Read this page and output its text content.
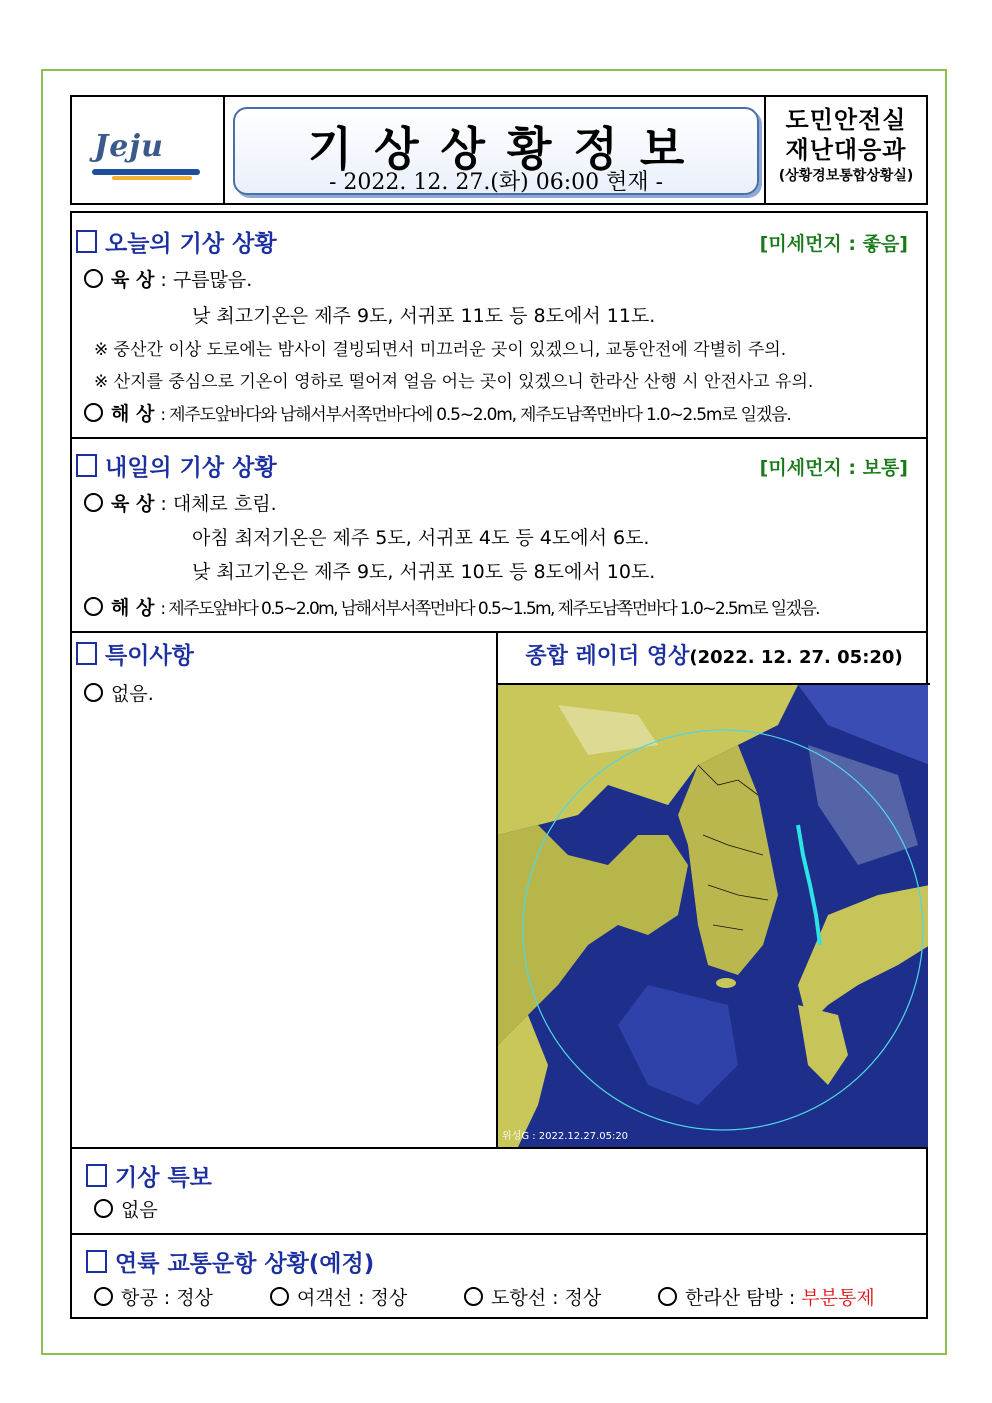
Jeju	기상상황정보
- 2022. 12. 27.(화) 06:00 현재 -
도민안전실
재난대응과
(상황경보통합상황실)
오늘의 기상 상황	[미세먼지 : 좋음]
육 상 : 구름많음.
낮 최고기온은 제주 9도, 서귀포 11도 등 8도에서 11도.
※ 중산간 이상 도로에는 밤사이 결빙되면서 미끄러운 곳이 있겠으니, 교통안전에 각별히 주의.
※ 산지를 중심으로 기온이 영하로 떨어져 얼음 어는 곳이 있겠으니 한라산 산행 시 안전사고 유의.
해 상 : 제주도앞바다와 남해서부서쪽먼바다에 0.5~2.0m, 제주도남쪽먼바다 1.0~2.5m로 일겠음.
내일의 기상 상황	[미세먼지 : 보통]
육 상 : 대체로 흐림.
아침 최저기온은 제주 5도, 서귀포 4도 등 4도에서 6도.
낮 최고기온은 제주 9도, 서귀포 10도 등 8도에서 10도.
해 상 : 제주도앞바다 0.5~2.0m, 남해서부서쪽먼바다 0.5~1.5m, 제주도남쪽먼바다 1.0~2.5m로 일겠음.
특이사항
없음.
종합 레이더 영상(2022. 12. 27. 05:20)
위성G : 2022.12.27.05:20
기상 특보
없음
연륙 교통운항 상황(예정)
항공 : 정상	여객선 : 정상	도항선 : 정상	한라산 탐방 : 부분통제
